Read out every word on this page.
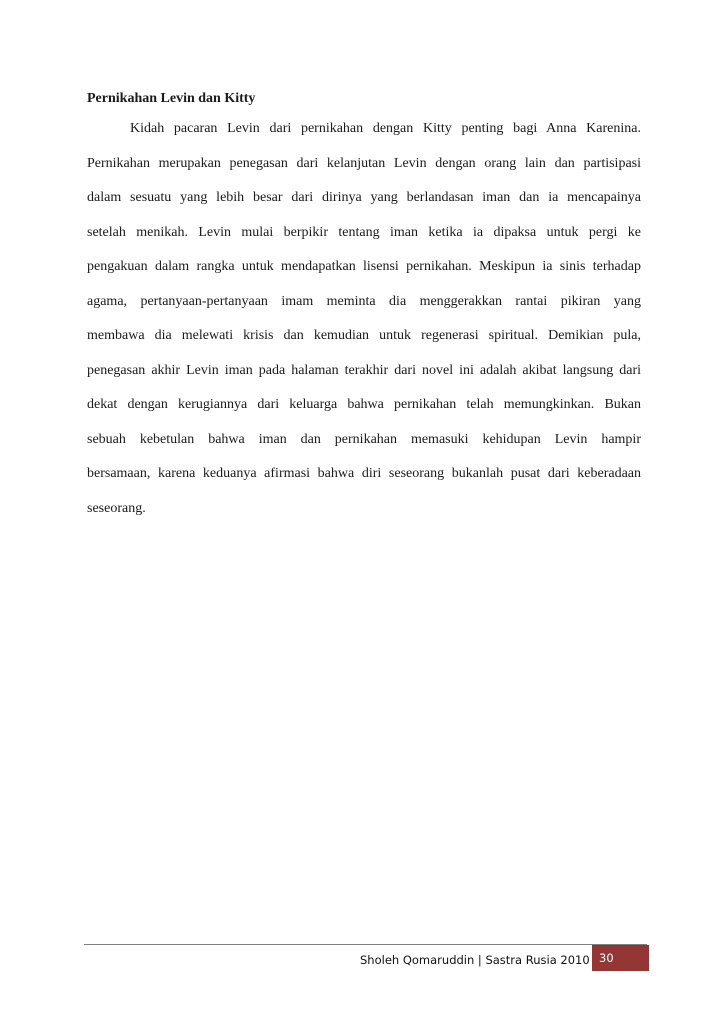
Pernikahan Levin dan Kitty
Kidah pacaran Levin dari pernikahan dengan Kitty penting bagi Anna Karenina.
Pernikahan merupakan penegasan dari kelanjutan Levin dengan orang lain dan partisipasi
dalam sesuatu yang lebih besar dari dirinya yang berlandasan iman dan ia mencapainya
setelah menikah. Levin mulai berpikir tentang iman ketika ia dipaksa untuk pergi ke
pengakuan dalam rangka untuk mendapatkan lisensi pernikahan. Meskipun ia sinis terhadap
agama, pertanyaan-pertanyaan imam meminta dia menggerakkan rantai pikiran yang
membawa dia melewati krisis dan kemudian untuk regenerasi spiritual. Demikian pula,
penegasan akhir Levin iman pada halaman terakhir dari novel ini adalah akibat langsung dari
dekat dengan kerugiannya dari keluarga bahwa pernikahan telah memungkinkan. Bukan
sebuah kebetulan bahwa iman dan pernikahan memasuki kehidupan Levin hampir
bersamaan, karena keduanya afirmasi bahwa diri seseorang bukanlah pusat dari keberadaan
seseorang.
Sholeh Qomaruddin | Sastra Rusia 2010 30
